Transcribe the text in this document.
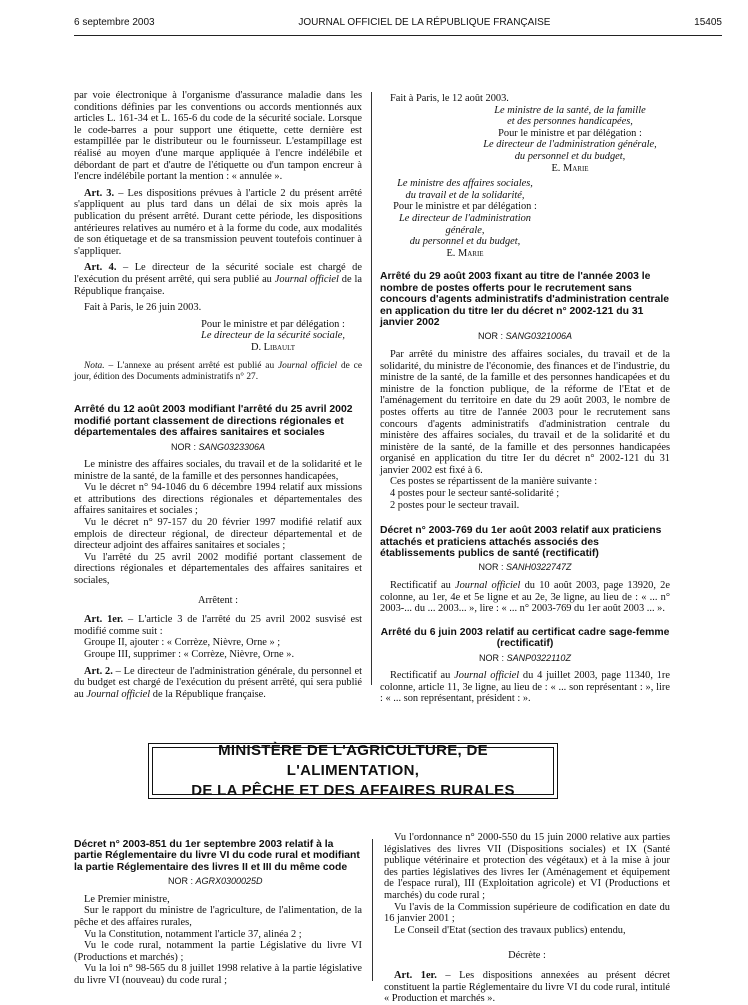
6 septembre 2003	JOURNAL OFFICIEL DE LA RÉPUBLIQUE FRANÇAISE	15405

par voie électronique à l'organisme d'assurance maladie dans les conditions définies par les conventions ou accords mentionnés aux articles L. 161-34 et L. 165-6 du code de la sécurité sociale. Lorsque le code-barres a pour support une étiquette, cette dernière est estampillée par le distributeur ou le fournisseur. L'estampillage est réalisé au moyen d'une marque appliquée à l'encre indélébile et débordant de part et d'autre de l'étiquette ou d'un tampon encreur à l'encre indélébile portant la mention : « annulée ».

Art. 3. – Les dispositions prévues à l'article 2 du présent arrêté s'appliquent au plus tard dans un délai de six mois après la publication du présent arrêté. Durant cette période, les dispositions antérieures relatives au numéro et à la forme du code, aux modalités de son étiquetage et de sa transmission peuvent toutefois continuer à s'appliquer.

Art. 4. – Le directeur de la sécurité sociale est chargé de l'exécution du présent arrêté, qui sera publié au Journal officiel de la République française.

Fait à Paris, le 26 juin 2003.

Pour le ministre et par délégation :

Le directeur de la sécurité sociale,

D. Libault

Nota. – L'annexe au présent arrêté est publié au Journal officiel de ce jour, édition des Documents administratifs n° 27.

Arrêté du 12 août 2003 modifiant l'arrêté du 25 avril 2002 modifié portant classement de directions régionales et départementales des affaires sanitaires et sociales

NOR : SANG0323306A

Le ministre des affaires sociales, du travail et de la solidarité et le ministre de la santé, de la famille et des personnes handicapées,

Vu le décret n° 94-1046 du 6 décembre 1994 relatif aux missions et attributions des directions régionales et départementales des affaires sanitaires et sociales ;

Vu le décret n° 97-157 du 20 février 1997 modifié relatif aux emplois de directeur régional, de directeur départemental et de directeur adjoint des affaires sanitaires et sociales ;

Vu l'arrêté du 25 avril 2002 modifié portant classement de directions régionales et départementales des affaires sanitaires et sociales,

Arrêtent :

Art. 1er. – L'article 3 de l'arrêté du 25 avril 2002 susvisé est modifié comme suit :

Groupe II, ajouter : « Corrèze, Nièvre, Orne » ;

Groupe III, supprimer : « Corrèze, Nièvre, Orne ».

Art. 2. – Le directeur de l'administration générale, du personnel et du budget est chargé de l'exécution du présent arrêté, qui sera publié au Journal officiel de la République française.

Fait à Paris, le 12 août 2003.

Le ministre de la santé, de la famille

et des personnes handicapées,

Pour le ministre et par délégation :

Le directeur de l'administration générale,

du personnel et du budget,

E. Marie

Le ministre des affaires sociales,

du travail et de la solidarité,

Pour le ministre et par délégation :

Le directeur de l'administration générale,

du personnel et du budget,

E. Marie

Arrêté du 29 août 2003 fixant au titre de l'année 2003 le nombre de postes offerts pour le recrutement sans concours d'agents administratifs d'administration centrale en application du titre Ier du décret n° 2002-121 du 31 janvier 2002

NOR : SANG0321006A

Par arrêté du ministre des affaires sociales, du travail et de la solidarité, du ministre de l'économie, des finances et de l'industrie, du ministre de la santé, de la famille et des personnes handicapées et du ministre de la fonction publique, de la réforme de l'Etat et de l'aménagement du territoire en date du 29 août 2003, le nombre de postes offerts au titre de l'année 2003 pour le recrutement sans concours d'agents administratifs d'administration centrale du ministère des affaires sociales, du travail et de la solidarité et du ministère de la santé, de la famille et des personnes handicapées organisé en application du titre Ier du décret n° 2002-121 du 31 janvier 2002 est fixé à 6.

Ces postes se répartissent de la manière suivante :

4 postes pour le secteur santé-solidarité ;

2 postes pour le secteur travail.

Décret n° 2003-769 du 1er août 2003 relatif aux praticiens attachés et praticiens attachés associés des établissements publics de santé (rectificatif)

NOR : SANH0322747Z

Rectificatif au Journal officiel du 10 août 2003, page 13920, 2e colonne, au 1er, 4e et 5e ligne et au 2e, 3e ligne, au lieu de : « ... n° 2003-... du ... 2003... », lire : « ... n° 2003-769 du 1er août 2003 ... ».

Arrêté du 6 juin 2003 relatif au certificat cadre sage-femme (rectificatif)

NOR : SANP0322110Z

Rectificatif au Journal officiel du 4 juillet 2003, page 11340, 1re colonne, article 11, 3e ligne, au lieu de : « ... son représentant : », lire : « ... son représentant, président : ».

MINISTÈRE DE L'AGRICULTURE, DE L'ALIMENTATION,
DE LA PÊCHE ET DES AFFAIRES RURALES

Décret n° 2003-851 du 1er septembre 2003 relatif à la partie Réglementaire du livre VI du code rural et modifiant la partie Réglementaire des livres II et III du même code

NOR : AGRX0300025D

Le Premier ministre,

Sur le rapport du ministre de l'agriculture, de l'alimentation, de la pêche et des affaires rurales,

Vu la Constitution, notamment l'article 37, alinéa 2 ;

Vu le code rural, notamment la partie Législative du livre VI (Productions et marchés) ;

Vu la loi n° 98-565 du 8 juillet 1998 relative à la partie législative du livre VI (nouveau) du code rural ;

Vu l'ordonnance n° 2000-550 du 15 juin 2000 relative aux parties législatives des livres VII (Dispositions sociales) et IX (Santé publique vétérinaire et protection des végétaux) et à la mise à jour des parties législatives des livres Ier (Aménagement et équipement de l'espace rural), III (Exploitation agricole) et VI (Productions et marchés) du code rural ;

Vu l'avis de la Commission supérieure de codification en date du 16 janvier 2001 ;

Le Conseil d'Etat (section des travaux publics) entendu,

Décrète :

Art. 1er. – Les dispositions annexées au présent décret constituent la partie Réglementaire du livre VI du code rural, intitulé « Production et marchés ».
